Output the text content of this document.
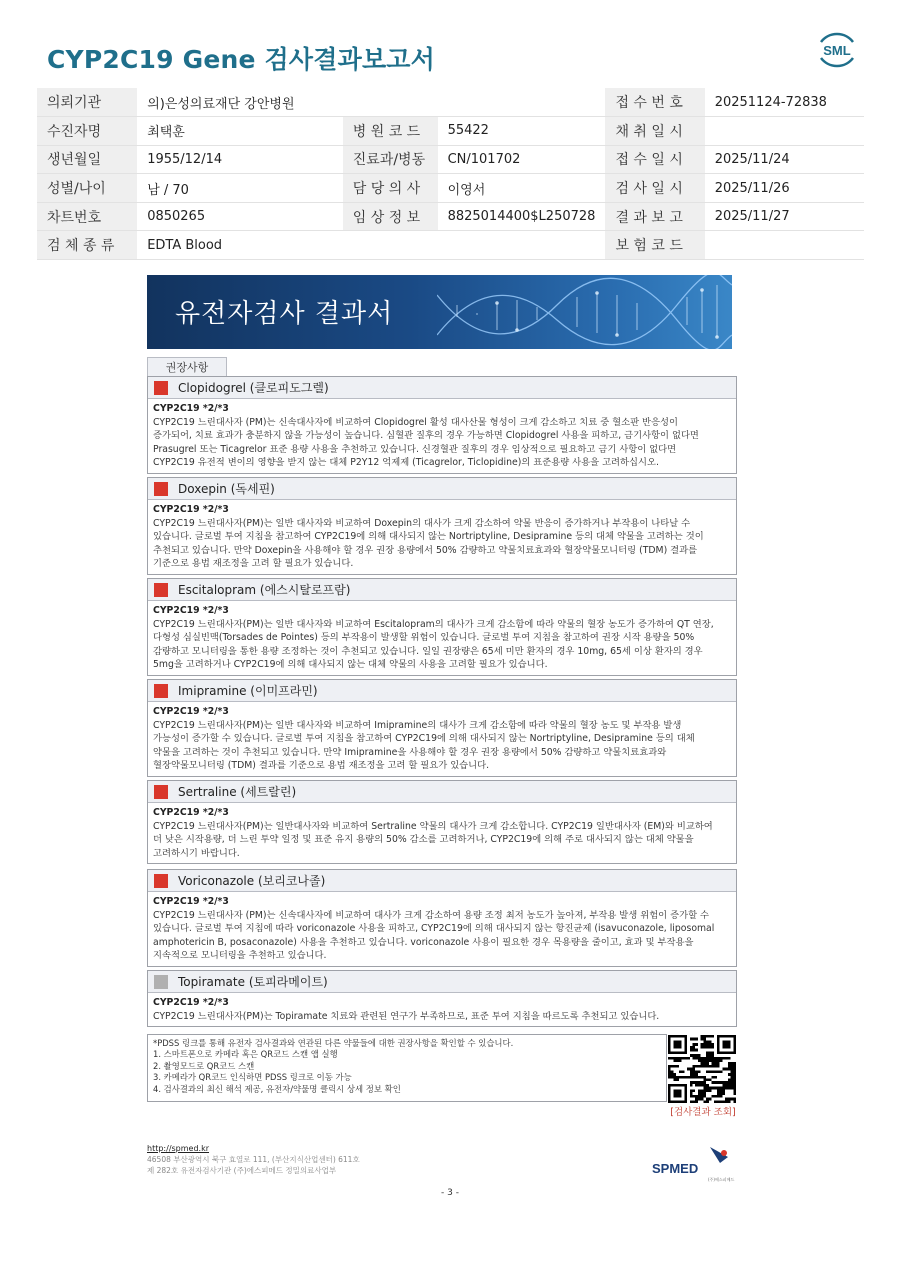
CYP2C19 Gene 검사결과보고서	SML
의뢰기관	의)은성의료재단 강안병원			접 수 번 호	20251124-72838
수진자명	최택훈	병 원 코 드	55422	채 취 일 시	
생년월일	1955/12/14	진료과/병동	CN/101702	접 수 일 시	2025/11/24
성별/나이	남 / 70	담 당 의 사	이영서	검 사 일 시	2025/11/26
차트번호	0850265	임 상 정 보	8825014400$L250728	결 과 보 고	2025/11/27
검 체 종 류	EDTA Blood			보 험 코 드	
유전자검사 결과서
권장사항
Clopidogrel (클로피도그렐)
CYP2C19 *2/*3
CYP2C19 느린대사자 (PM)는 신속대사자에 비교하여 Clopidogrel 활성 대사산물 형성이 크게 감소하고 치료 중 혈소판 반응성이
증가되어, 치료 효과가 충분하지 않을 가능성이 높습니다. 심혈관 질후의 경우 가능하면 Clopidogrel 사용을 피하고, 금기사항이 없다면
Prasugrel 또는 Ticagrelor 표준 용량 사용을 추천하고 있습니다. 신경혈관 질후의 경우 임상적으로 필요하고 금기 사항이 없다면
CYP2C19 유전적 변이의 영향을 받지 않는 대체 P2Y12 억제제 (Ticagrelor, Ticlopidine)의 표준용량 사용을 고려하십시오.
Doxepin (독세핀)
CYP2C19 *2/*3
CYP2C19 느린대사자(PM)는 일반 대사자와 비교하여 Doxepin의 대사가 크게 감소하여 약물 반응이 증가하거나 부작용이 나타날 수
있습니다. 글로벌 투여 지침을 참고하여 CYP2C19에 의해 대사되지 않는 Nortriptyline, Desipramine 등의 대체 약물을 고려하는 것이
추천되고 있습니다. 만약 Doxepin을 사용해야 할 경우 권장 용량에서 50% 감량하고 약물치료효과와 혈장약물모니터링 (TDM) 결과를
기준으로 용법 재조정을 고려 할 필요가 있습니다.
Escitalopram (에스시탈로프람)
CYP2C19 *2/*3
CYP2C19 느린대사자(PM)는 일반 대사자와 비교하여 Escitalopram의 대사가 크게 감소함에 따라 약물의 혈장 농도가 증가하여 QT 연장,
다형성 심실빈맥(Torsades de Pointes) 등의 부작용이 발생할 위험이 있습니다. 글로벌 투여 지침을 참고하여 권장 시작 용량을 50%
감량하고 모니터링을 통한 용량 조정하는 것이 추천되고 있습니다. 일일 권장량은 65세 미만 환자의 경우 10mg, 65세 이상 환자의 경우
5mg을 고려하거나 CYP2C19에 의해 대사되지 않는 대체 약물의 사용을 고려할 필요가 있습니다.
Imipramine (이미프라민)
CYP2C19 *2/*3
CYP2C19 느린대사자(PM)는 일반 대사자와 비교하여 Imipramine의 대사가 크게 감소함에 따라 약물의 혈장 농도 및 부작용 발생
가능성이 증가할 수 있습니다. 글로벌 투여 지침을 참고하여 CYP2C19에 의해 대사되지 않는 Nortriptyline, Desipramine 등의 대체
약물을 고려하는 것이 추천되고 있습니다. 만약 Imipramine을 사용해야 할 경우 권장 용량에서 50% 감량하고 약물치료효과와
혈장약물모니터링 (TDM) 결과를 기준으로 용법 재조정을 고려 할 필요가 있습니다.
Sertraline (세트랄린)
CYP2C19 *2/*3
CYP2C19 느린대사자(PM)는 일반대사자와 비교하여 Sertraline 약물의 대사가 크게 감소합니다. CYP2C19 일반대사자 (EM)와 비교하여
더 낮은 시작용량, 더 느린 투약 일정 및 표준 유지 용량의 50% 감소를 고려하거나, CYP2C19에 의해 주로 대사되지 않는 대체 약물을
고려하시기 바랍니다.
Voriconazole (보리코나졸)
CYP2C19 *2/*3
CYP2C19 느린대사자 (PM)는 신속대사자에 비교하여 대사가 크게 감소하여 용량 조정 최저 농도가 높아져, 부작용 발생 위험이 증가할 수
있습니다. 글로벌 투여 지침에 따라 voriconazole 사용을 피하고, CYP2C19에 의해 대사되지 않는 항진균제 (isavuconazole, liposomal
amphotericin B, posaconazole) 사용을 추천하고 있습니다. voriconazole 사용이 필요한 경우 목용량을 줄이고, 효과 및 부작용을
지속적으로 모니터링을 추천하고 있습니다.
Topiramate (토피라메이트)
CYP2C19 *2/*3
CYP2C19 느린대사자(PM)는 Topiramate 치료와 관련된 연구가 부족하므로, 표준 투여 지침을 따르도록 추천되고 있습니다.
*PDSS 링크를 통해 유전자 검사결과와 연관된 다른 약물들에 대한 권장사항을 확인할 수 있습니다.
1. 스마트폰으로 카메라 혹은 QR코드 스캔 앱 실행
2. 촬영모드로 QR코드 스캔
3. 카메라가 QR코드 인식하면 PDSS 링크로 이동 가능
4. 검사결과의 최신 해석 제공, 유전자/약물명 클릭시 상세 정보 확인
[검사결과 조회]
http://spmed.kr
46508 부산광역시 북구 효열로 111, (부산지식산업센터) 611호
제 282호 유전자검사기관 (주)에스피메드 정밀의료사업부	SPMED
(주)에스피메드
- 3 -
